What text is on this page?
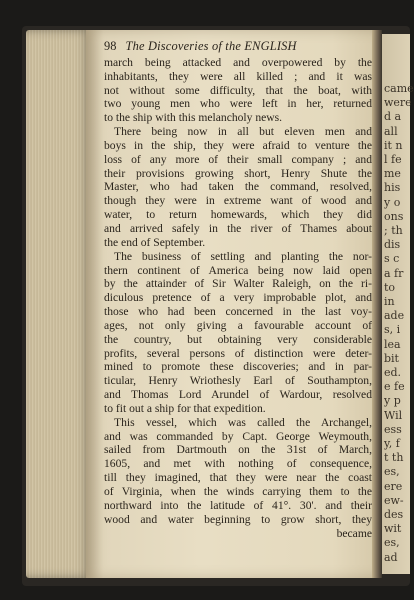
came
were
d a
all
it n
l fe
me
his
y o
ons
; th
dis
s c
a fr
to
in
ade
s, i
lea
bit
ed.
e fe
y p
Wil
ess
y, f
t th
es,
ere
ew-
des
wit
es,
ad
98 The Discoveries of the ENGLISH
march being attacked and overpowered by the
inhabitants, they were all killed ; and it was
not without some difficulty, that the boat, with
two young men who were left in her, returned
to the ship with this melancholy news.
There being now in all but eleven men and
boys in the ship, they were afraid to venture the
loss of any more of their small company ; and
their provisions growing short, Henry Shute the
Master, who had taken the command, resolved,
though they were in extreme want of wood and
water, to return homewards, which they did
and arrived safely in the river of Thames about
the end of September.
The business of settling and planting the nor-
thern continent of America being now laid open
by the attainder of Sir Walter Raleigh, on the ri-
diculous pretence of a very improbable plot, and
those who had been concerned in the last voy-
ages, not only giving a favourable account of
the country, but obtaining very considerable
profits, several persons of distinction were deter-
mined to promote these discoveries; and in par-
ticular, Henry Wriothesly Earl of Southampton,
and Thomas Lord Arundel of Wardour, resolved
to fit out a ship for that expedition.
This vessel, which was called the Archangel,
and was commanded by Capt. George Weymouth,
sailed from Dartmouth on the 31st of March,
1605, and met with nothing of consequence,
till they imagined, that they were near the coast
of Virginia, when the winds carrying them to the
northward into the latitude of 41°. 30'. and their
wood and water beginning to grow short, they
became
